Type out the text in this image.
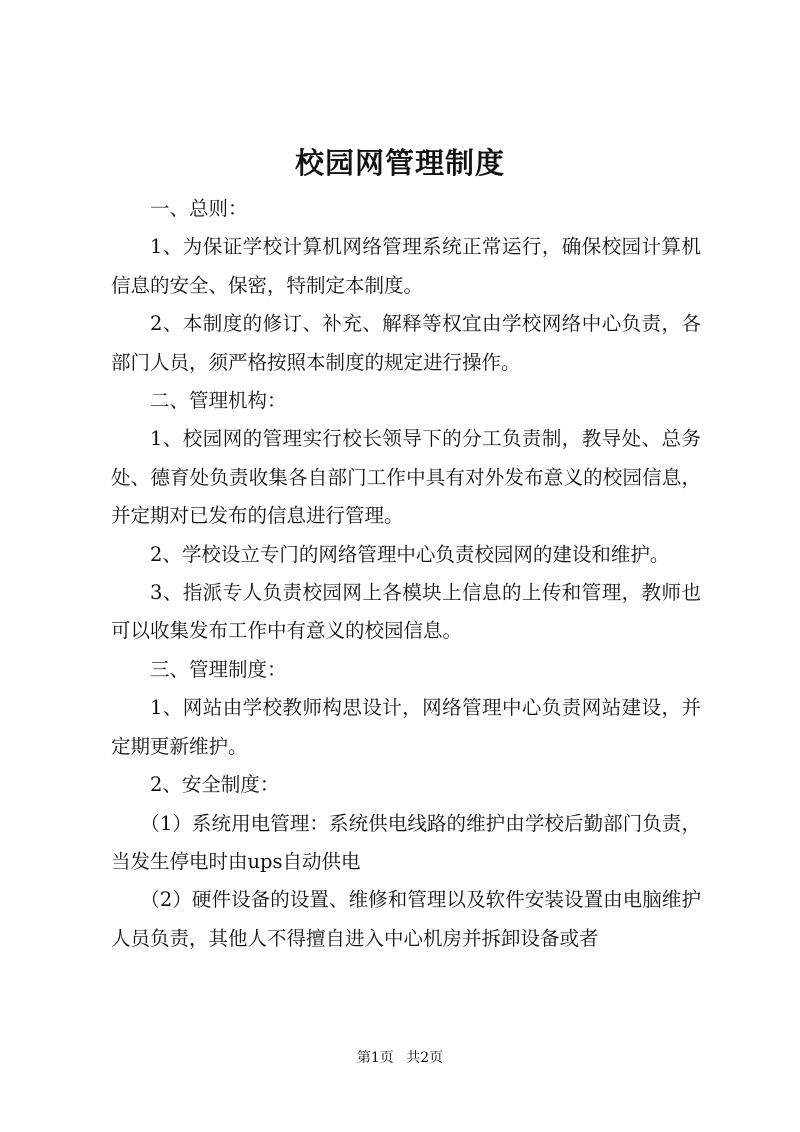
校园网管理制度

一、总则：

1、为保证学校计算机网络管理系统正常运行，确保校园计算机信息的安全、保密，特制定本制度。

2、本制度的修订、补充、解释等权宜由学校网络中心负责，各部门人员，须严格按照本制度的规定进行操作。

二、管理机构：

1、校园网的管理实行校长领导下的分工负责制，教导处、总务处、德育处负责收集各自部门工作中具有对外发布意义的校园信息，并定期对已发布的信息进行管理。

2、学校设立专门的网络管理中心负责校园网的建设和维护。

3、指派专人负责校园网上各模块上信息的上传和管理，教师也可以收集发布工作中有意义的校园信息。

三、管理制度：

1、网站由学校教师构思设计，网络管理中心负责网站建设，并定期更新维护。

2、安全制度：

（1）系统用电管理：系统供电线路的维护由学校后勤部门负责，当发生停电时由ups自动供电

（2）硬件设备的设置、维修和管理以及软件安装设置由电脑维护人员负责，其他人不得擅自进入中心机房并拆卸设备或者

第1页 共2页
